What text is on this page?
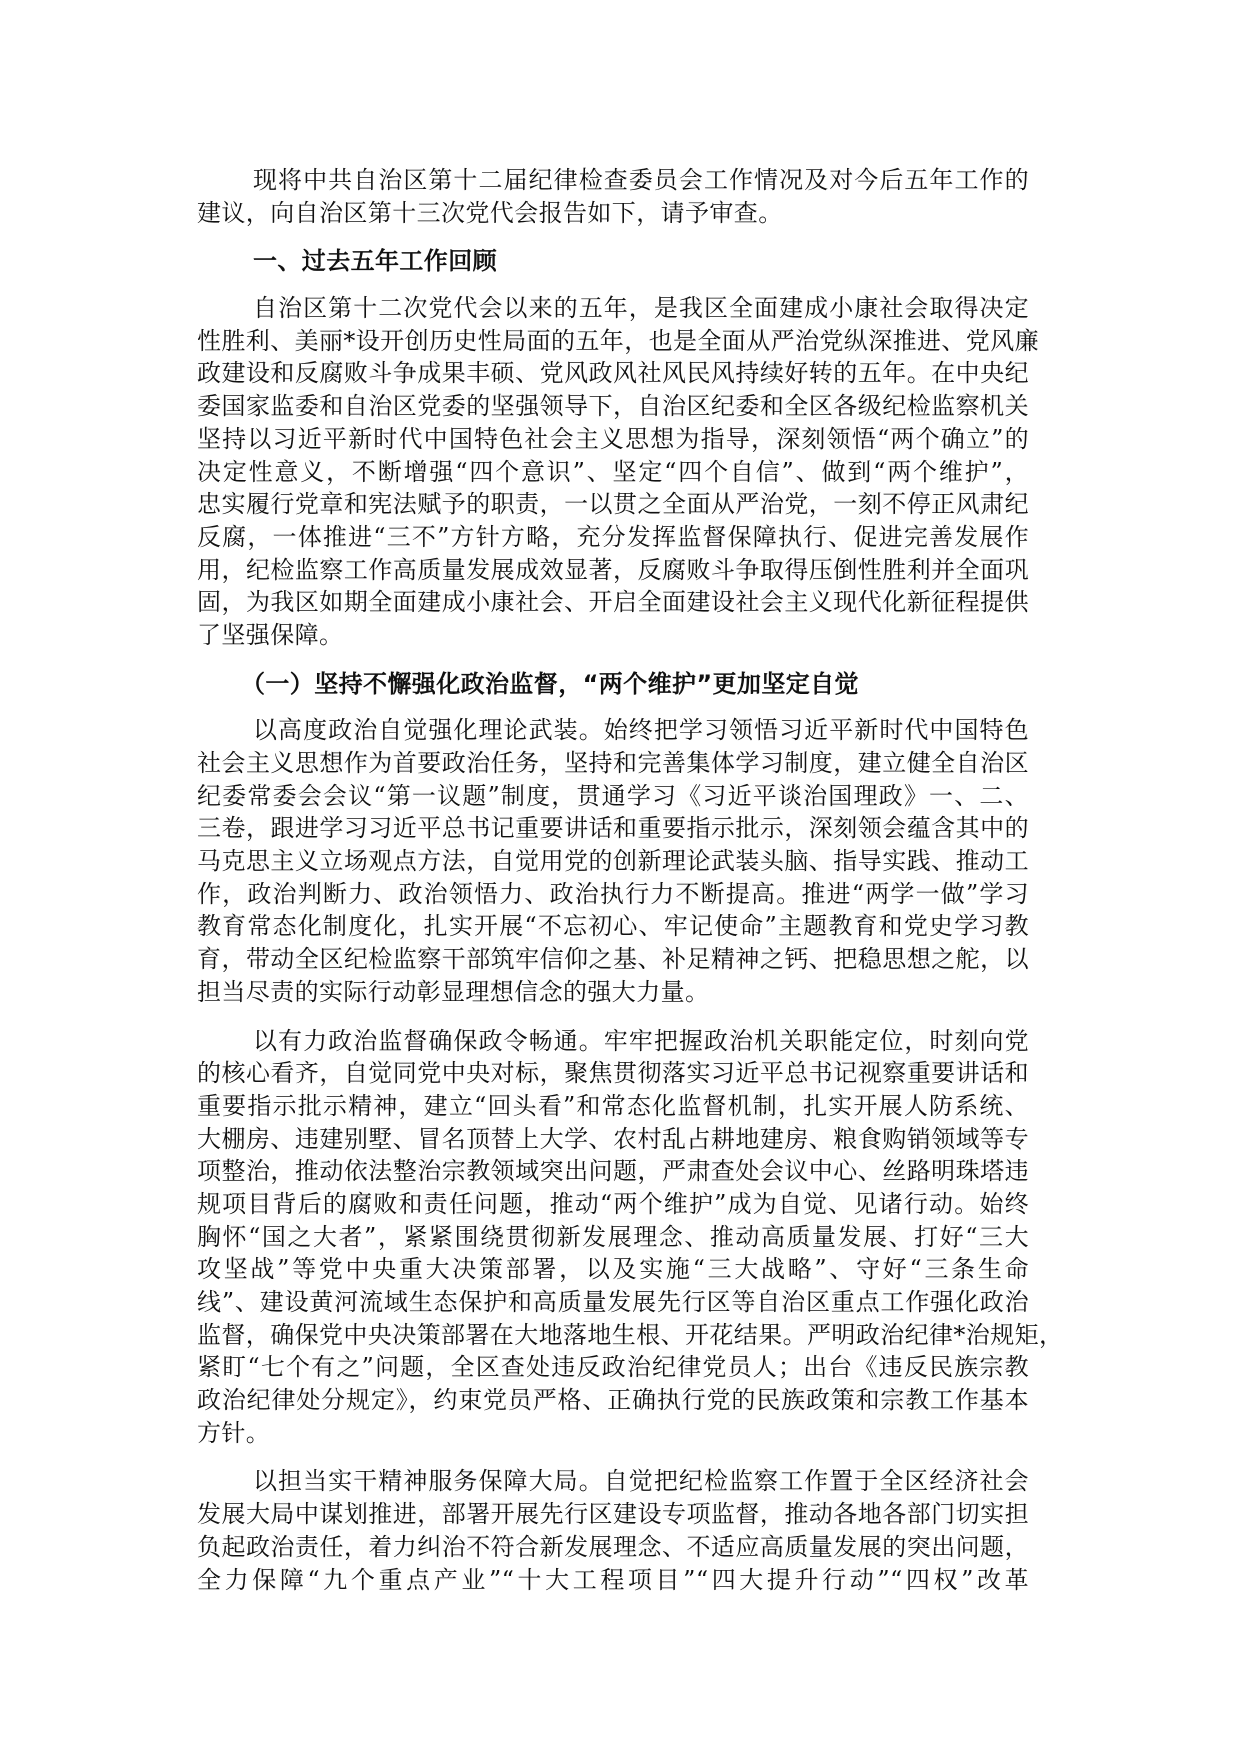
现将中共自治区第十二届纪律检查委员会工作情况及对今后五年工作的
建议，向自治区第十三次党代会报告如下，请予审查。
一、过去五年工作回顾
自治区第十二次党代会以来的五年，是我区全面建成小康社会取得决定
性胜利、美丽*设开创历史性局面的五年，也是全面从严治党纵深推进、党风廉
政建设和反腐败斗争成果丰硕、党风政风社风民风持续好转的五年。在中央纪
委国家监委和自治区党委的坚强领导下，自治区纪委和全区各级纪检监察机关
坚持以习近平新时代中国特色社会主义思想为指导，深刻领悟“两个确立”的
决定性意义，不断增强“四个意识”、坚定“四个自信”、做到“两个维护”，
忠实履行党章和宪法赋予的职责，一以贯之全面从严治党，一刻不停正风肃纪
反腐，一体推进“三不”方针方略，充分发挥监督保障执行、促进完善发展作
用，纪检监察工作高质量发展成效显著，反腐败斗争取得压倒性胜利并全面巩
固，为我区如期全面建成小康社会、开启全面建设社会主义现代化新征程提供
了坚强保障。
（一）坚持不懈强化政治监督，“两个维护”更加坚定自觉
以高度政治自觉强化理论武装。始终把学习领悟习近平新时代中国特色
社会主义思想作为首要政治任务，坚持和完善集体学习制度，建立健全自治区
纪委常委会会议“第一议题”制度，贯通学习《习近平谈治国理政》一、二、
三卷，跟进学习习近平总书记重要讲话和重要指示批示，深刻领会蕴含其中的
马克思主义立场观点方法，自觉用党的创新理论武装头脑、指导实践、推动工
作，政治判断力、政治领悟力、政治执行力不断提高。推进“两学一做”学习
教育常态化制度化，扎实开展“不忘初心、牢记使命”主题教育和党史学习教
育，带动全区纪检监察干部筑牢信仰之基、补足精神之钙、把稳思想之舵，以
担当尽责的实际行动彰显理想信念的强大力量。
以有力政治监督确保政令畅通。牢牢把握政治机关职能定位，时刻向党
的核心看齐，自觉同党中央对标，聚焦贯彻落实习近平总书记视察重要讲话和
重要指示批示精神，建立“回头看”和常态化监督机制，扎实开展人防系统、
大棚房、违建别墅、冒名顶替上大学、农村乱占耕地建房、粮食购销领域等专
项整治，推动依法整治宗教领域突出问题，严肃查处会议中心、丝路明珠塔违
规项目背后的腐败和责任问题，推动“两个维护”成为自觉、见诸行动。始终
胸怀“国之大者”，紧紧围绕贯彻新发展理念、推动高质量发展、打好“三大
攻坚战”等党中央重大决策部署，以及实施“三大战略”、守好“三条生命
线”、建设黄河流域生态保护和高质量发展先行区等自治区重点工作强化政治
监督，确保党中央决策部署在大地落地生根、开花结果。严明政治纪律*治规矩，
紧盯“七个有之”问题，全区查处违反政治纪律党员人；出台《违反民族宗教
政治纪律处分规定》，约束党员严格、正确执行党的民族政策和宗教工作基本
方针。
以担当实干精神服务保障大局。自觉把纪检监察工作置于全区经济社会
发展大局中谋划推进，部署开展先行区建设专项监督，推动各地各部门切实担
负起政治责任，着力纠治不符合新发展理念、不适应高质量发展的突出问题，
全力保障“九个重点产业”“十大工程项目”“四大提升行动”“四权”改革
